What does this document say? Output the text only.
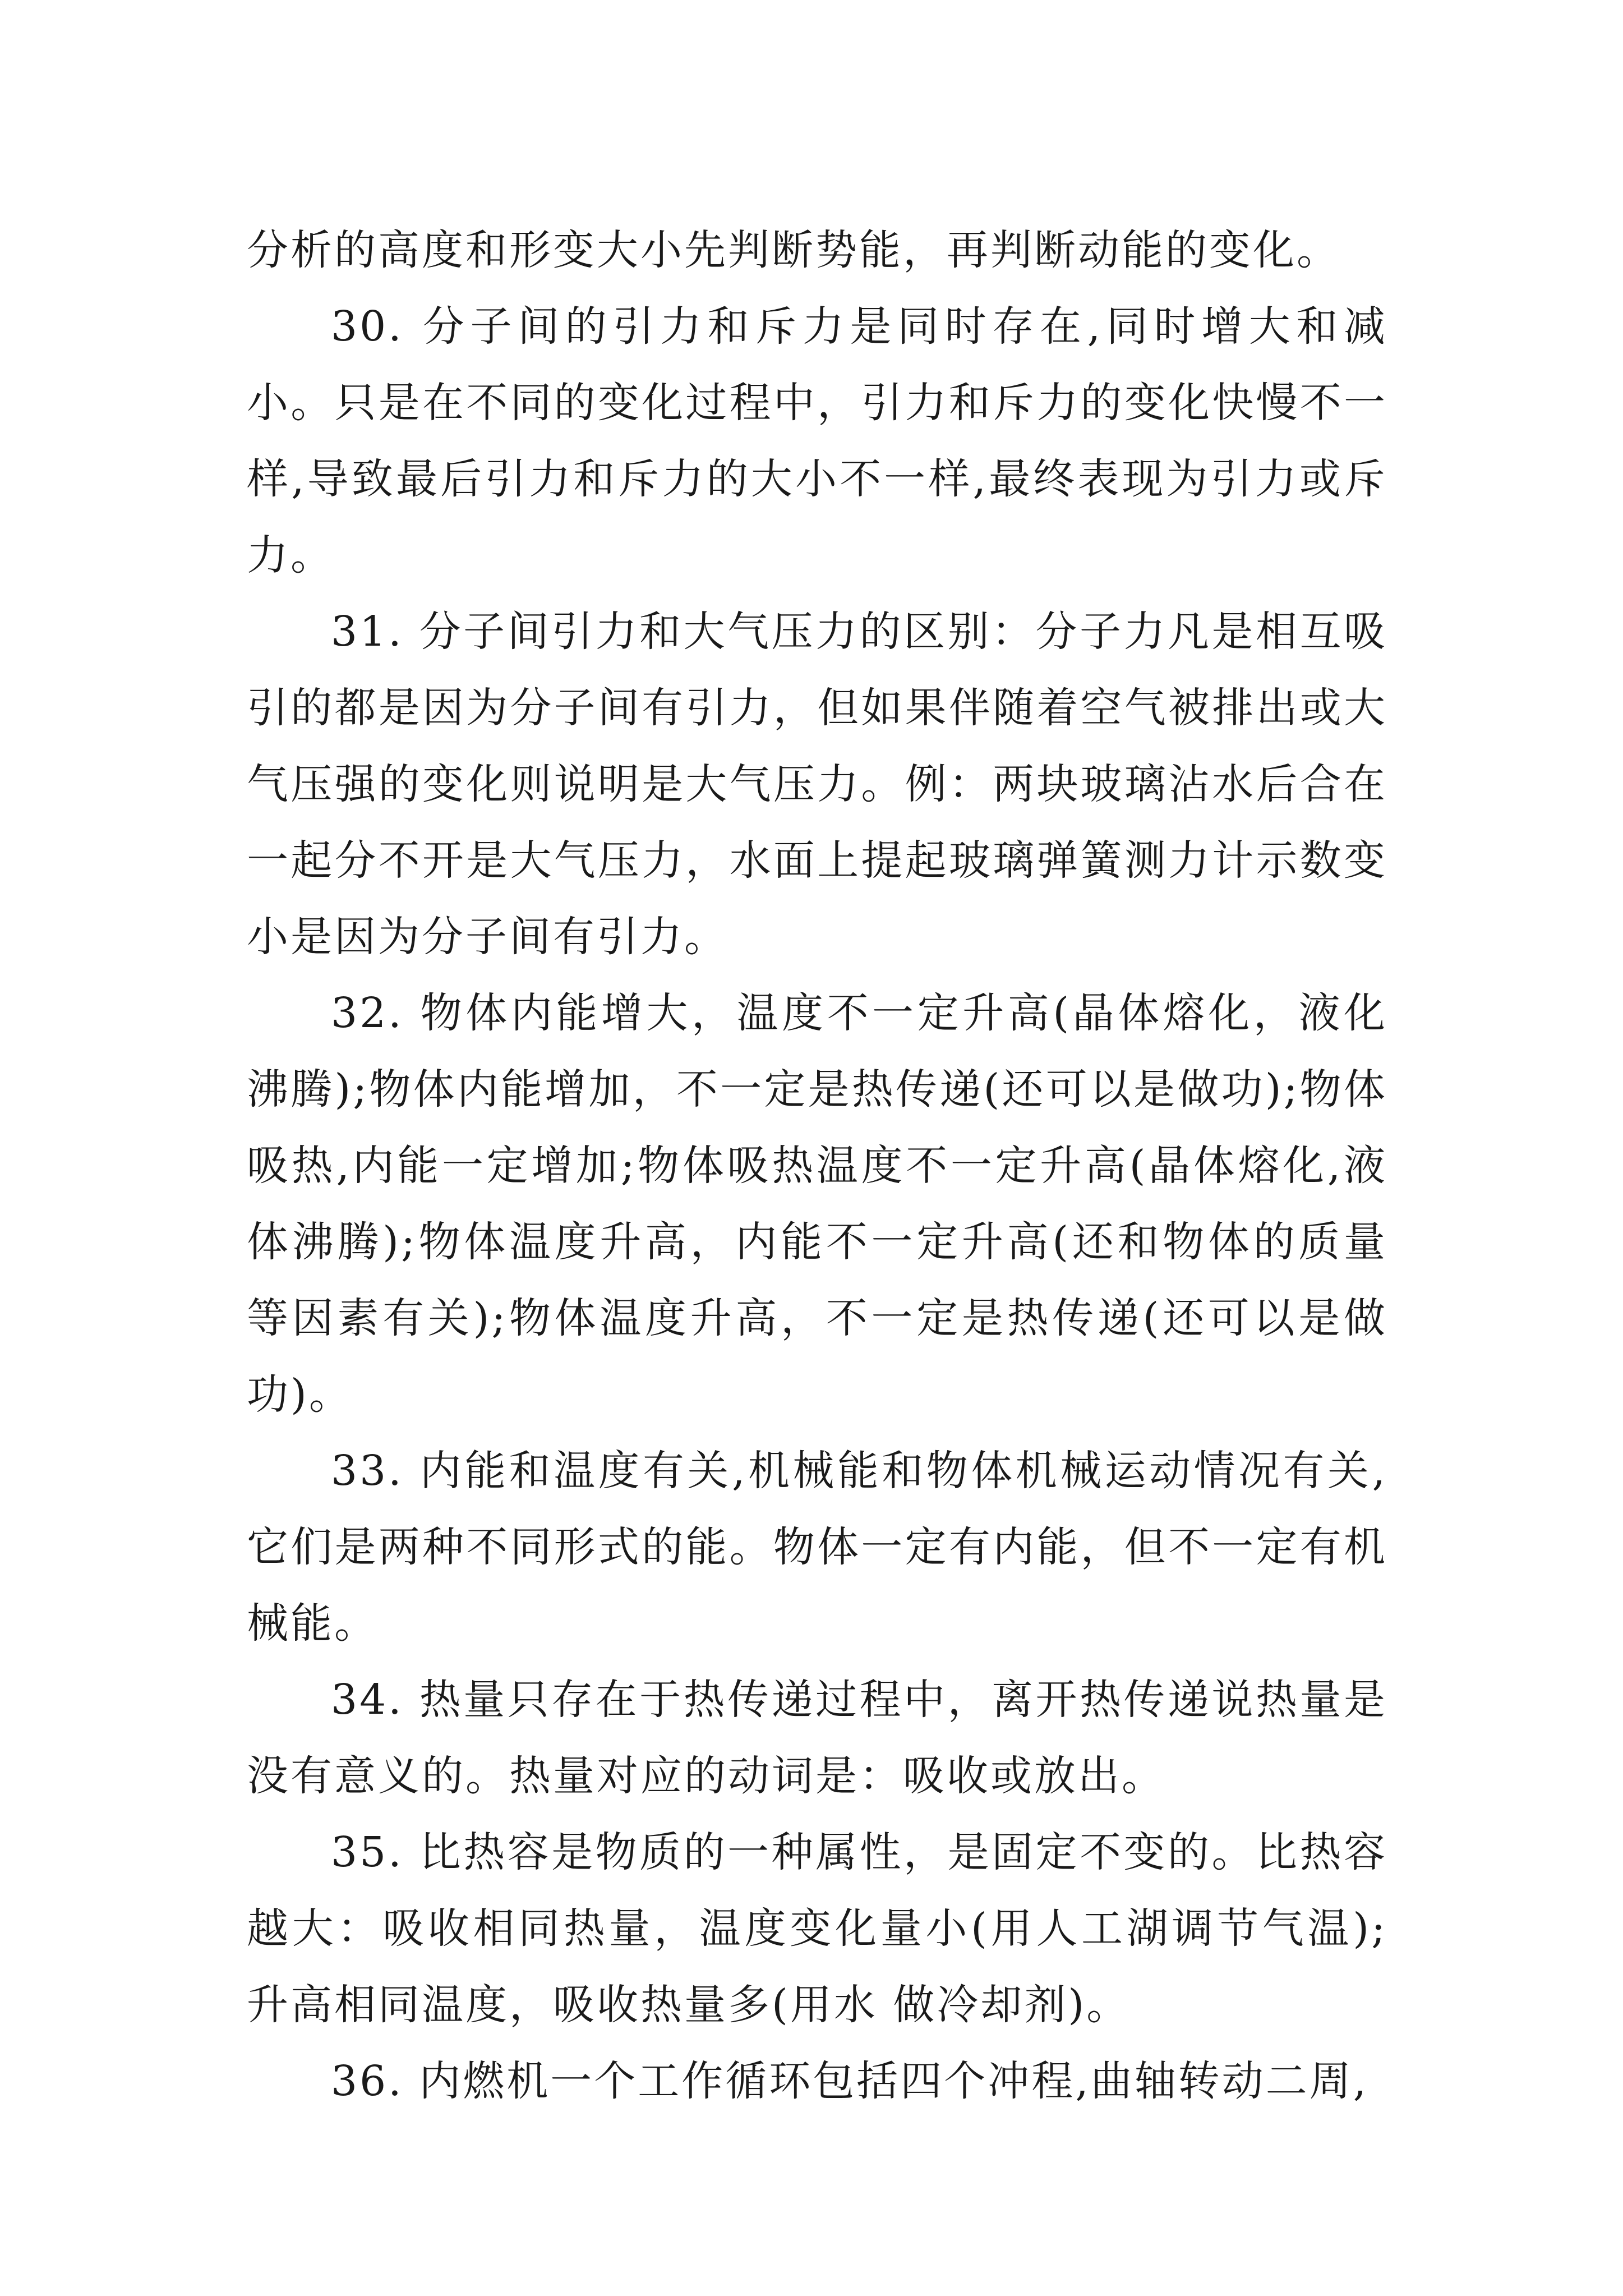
分析的高度和形变大小先判断势能，再判断动能的变化。

30. 分子间的引力和斥力是同时存在,同时增大和减小。只是在不同的变化过程中，引力和斥力的变化快慢不一样,导致最后引力和斥力的大小不一样,最终表现为引力或斥力。

31. 分子间引力和大气压力的区别：分子力凡是相互吸引的都是因为分子间有引力，但如果伴随着空气被排出或大气压强的变化则说明是大气压力。例：两块玻璃沾水后合在一起分不开是大气压力，水面上提起玻璃弹簧测力计示数变小是因为分子间有引力。

32. 物体内能增大，温度不一定升高(晶体熔化，液化沸腾);物体内能增加，不一定是热传递(还可以是做功);物体吸热,内能一定增加;物体吸热温度不一定升高(晶体熔化,液体沸腾);物体温度升高，内能不一定升高(还和物体的质量等因素有关);物体温度升高，不一定是热传递(还可以是做功)。

33. 内能和温度有关,机械能和物体机械运动情况有关,它们是两种不同形式的能。物体一定有内能，但不一定有机械能。

34. 热量只存在于热传递过程中，离开热传递说热量是没有意义的。热量对应的动词是：吸收或放出。

35. 比热容是物质的一种属性，是固定不变的。比热容越大：吸收相同热量，温度变化量小(用人工湖调节气温);升高相同温度，吸收热量多(用水 做冷却剂)。

36. 内燃机一个工作循环包括四个冲程,曲轴转动二周,
